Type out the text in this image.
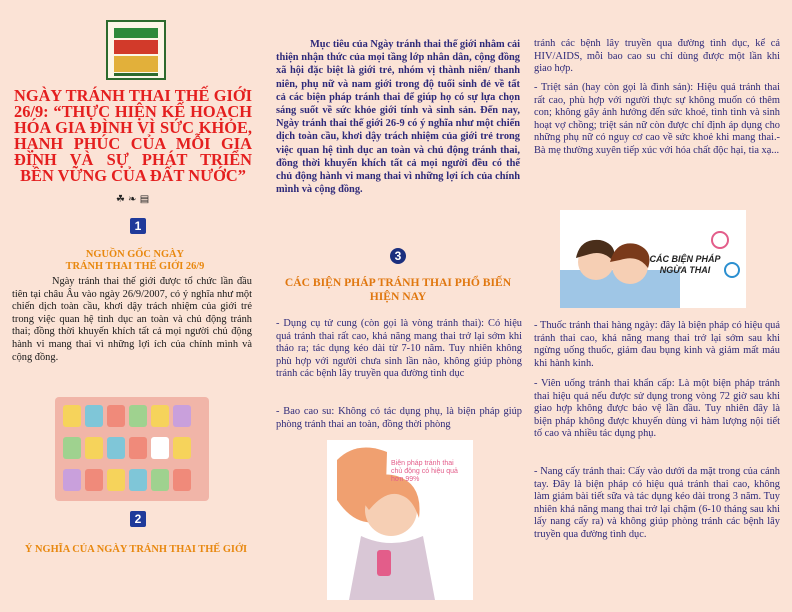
NGÀY TRÁNH THAI THẾ GIỚI 26/9: “THỰC HIỆN KẾ HOẠCH HÓA GIA ĐÌNH VÌ SỨC KHỎE, HẠNH PHÚC CỦA MỖI GIA ĐÌNH VÀ SỰ PHÁT TRIỂN BỀN VỮNG CỦA ĐẤT NƯỚC”
☘ ❧ ▤
1
NGUỒN GỐC NGÀY
TRÁNH THAI THẾ GIỚI 26/9
Ngày tránh thai thế giới được tổ chức lần đầu tiên tại châu Âu vào ngày 26/9/2007, có ý nghĩa như một chiến dịch toàn cầu, khơi dậy trách nhiệm của giới trẻ trong việc quan hệ tình dục an toàn và chủ động tránh thai; đồng thời khuyến khích tất cả mọi người chủ động hành vi mang thai vì những lợi ích của chính mình và cộng đồng.
2
Ý NGHĨA CỦA NGÀY TRÁNH THAI THẾ GIỚI
Mục tiêu của Ngày tránh thai thế giới nhằm cải thiện nhận thức của mọi tầng lớp nhân dân, cộng đồng xã hội đặc biệt là giới trẻ, nhóm vị thành niên/ thanh niên, phụ nữ và nam giới trong độ tuổi sinh đẻ về tất cả các biện pháp tránh thai để giúp họ có sự lựa chọn sáng suốt về sức khỏe giới tính và sinh sản. Đến nay, Ngày tránh thai thế giới 26-9 có ý nghĩa như một chiến dịch toàn cầu, khơi dậy trách nhiệm của giới trẻ trong việc quan hệ tình dục an toàn và chủ động tránh thai, đồng thời khuyến khích tất cả mọi người đều có thể chủ động hành vi mang thai vì những lợi ích của chính mình và cộng đồng.
3
CÁC BIỆN PHÁP TRÁNH THAI PHỔ BIẾN HIỆN NAY
- Dụng cụ tử cung (còn gọi là vòng tránh thai): Có hiệu quả tránh thai rất cao, khả năng mang thai trở lại sớm khi tháo ra; tác dụng kéo dài từ 7-10 năm. Tuy nhiên không phù hợp với người chưa sinh lần nào, không giúp phòng tránh các bệnh lây truyền qua đường tình dục
- Bao cao su: Không có tác dụng phụ, là biện pháp giúp phòng tránh thai an toàn, đồng thời phòng
Biện pháp tránh thai chủ động có hiệu quả hơn 99%
tránh các bệnh lây truyền qua đường tình dục, kể cả HIV/AIDS, mỗi bao cao su chỉ dùng được một lần khi giao hợp.
- Triệt sản (hay còn gọi là đình sản): Hiệu quả tránh thai rất cao, phù hợp với người thực sự không muốn có thêm con; không gây ảnh hưởng đến sức khoẻ, tình tình và sinh hoạt vợ chồng; triệt sản nữ còn được chỉ định áp dụng cho những phụ nữ có nguy cơ cao về sức khoẻ khi mang thai.- Bà mẹ thường xuyên tiếp xúc với hóa chất độc hại, tia xạ...
CÁC BIỆN PHÁP NGỪA THAI
- Thuốc tránh thai hàng ngày: đây là biện pháp có hiệu quả tránh thai cao, khả năng mang thai trở lại sớm sau khi ngừng uống thuốc, giảm đau bụng kinh và giảm mất máu khi hành kinh.
- Viên uống tránh thai khẩn cấp: Là một biện pháp tránh thai hiệu quả nếu được sử dụng trong vòng 72 giờ sau khi giao hợp không được bảo vệ lần đầu. Tuy nhiên đây là biện pháp không được khuyến dùng vì hàm lượng nội tiết tố cao và nhiều tác dụng phụ.
- Nang cấy tránh thai: Cấy vào dưới da mặt trong của cánh tay. Đây là biện pháp có hiệu quả tránh thai cao, không làm giảm bài tiết sữa và tác dụng kéo dài trong 3 năm. Tuy nhiên khả năng mang thai trở lại chậm (6-10 tháng sau khi lấy nang cấy ra) và không giúp phòng tránh các bệnh lây truyền qua đường tình dục.
